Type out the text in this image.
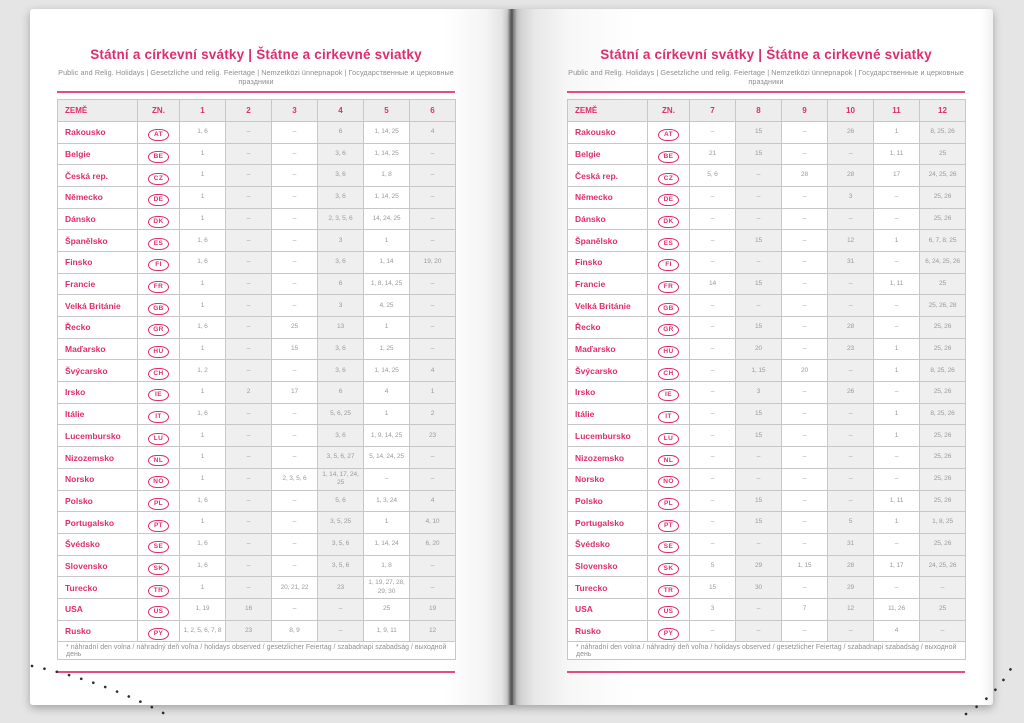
Státní a církevní svátky | Štátne a cirkevné sviatky
Public and Relig. Holidays | Gesetzliche und relig. Feiertage | Nemzetközi ünnepnapok | Государственные и церковные праздники
ZEMĚ	ZN.	1	2	3	4	5	6
Rakousko	AT	1, 6	–	–	6	1, 14, 25	4
Belgie	BE	1	–	–	3, 6	1, 14, 25	–
Česká rep.	CZ	1	–	–	3, 6	1, 8	–
Německo	DE	1	–	–	3, 6	1, 14, 25	–
Dánsko	DK	1	–	–	2, 3, 5, 6	14, 24, 25	–
Španělsko	ES	1, 6	–	–	3	1	–
Finsko	FI	1, 6	–	–	3, 6	1, 14	19, 20
Francie	FR	1	–	–	6	1, 8, 14, 25	–
Velká Británie	GB	1	–	–	3	4, 25	–
Řecko	GR	1, 6	–	25	13	1	–
Maďarsko	HU	1	–	15	3, 6	1, 25	–
Švýcarsko	CH	1, 2	–	–	3, 6	1, 14, 25	4
Irsko	IE	1	2	17	6	4	1
Itálie	IT	1, 6	–	–	5, 6, 25	1	2
Lucembursko	LU	1	–	–	3, 6	1, 9, 14, 25	23
Nizozemsko	NL	1	–	–	3, 5, 6, 27	5, 14, 24, 25	–
Norsko	NO	1	–	2, 3, 5, 6	1, 14, 17, 24, 25	–	–
Polsko	PL	1, 6	–	–	5, 6	1, 3, 24	4
Portugalsko	PT	1	–	–	3, 5, 25	1	4, 10
Švédsko	SE	1, 6	–	–	3, 5, 6	1, 14, 24	6, 20
Slovensko	SK	1, 6	–	–	3, 5, 6	1, 8	–
Turecko	TR	1	–	20, 21, 22	23	1, 19, 27, 28, 29, 30	–
USA	US	1, 19	16	–	–	25	19
Rusko	PY	1, 2, 5, 6, 7, 8	23	8, 9	–	1, 9, 11	12
* náhradní den volna / náhradný deň voľna / holidays observed / gesetzlicher Feiertag / szabadnapi szabadság / выходной день							
Státní a církevní svátky | Štátne a cirkevné sviatky
Public and Relig. Holidays | Gesetzliche und relig. Feiertage | Nemzetközi ünnepnapok | Государственные и церковные праздники
ZEMĚ	ZN.	7	8	9	10	11	12
Rakousko	AT	–	15	–	26	1	8, 25, 26
Belgie	BE	21	15	–	–	1, 11	25
Česká rep.	CZ	5, 6	–	28	28	17	24, 25, 26
Německo	DE	–	–	–	3	–	25, 26
Dánsko	DK	–	–	–	–	–	25, 26
Španělsko	ES	–	15	–	12	1	6, 7, 8, 25
Finsko	FI	–	–	–	31	–	6, 24, 25, 26
Francie	FR	14	15	–	–	1, 11	25
Velká Británie	GB	–	–	–	–	–	25, 26, 28
Řecko	GR	–	15	–	28	–	25, 26
Maďarsko	HU	–	20	–	23	1	25, 26
Švýcarsko	CH	–	1, 15	20	–	1	8, 25, 26
Irsko	IE	–	3	–	26	–	25, 26
Itálie	IT	–	15	–	–	1	8, 25, 26
Lucembursko	LU	–	15	–	–	1	25, 26
Nizozemsko	NL	–	–	–	–	–	25, 26
Norsko	NO	–	–	–	–	–	25, 26
Polsko	PL	–	15	–	–	1, 11	25, 26
Portugalsko	PT	–	15	–	5	1	1, 8, 25
Švédsko	SE	–	–	–	31	–	25, 26
Slovensko	SK	5	29	1, 15	28	1, 17	24, 25, 26
Turecko	TR	15	30	–	29	–	–
USA	US	3	–	7	12	11, 26	25
Rusko	PY	–	–	–	–	4	–
* náhradní den volna / náhradný deň voľna / holidays observed / gesetzlicher Feiertag / szabadnapi szabadság / выходной день							
